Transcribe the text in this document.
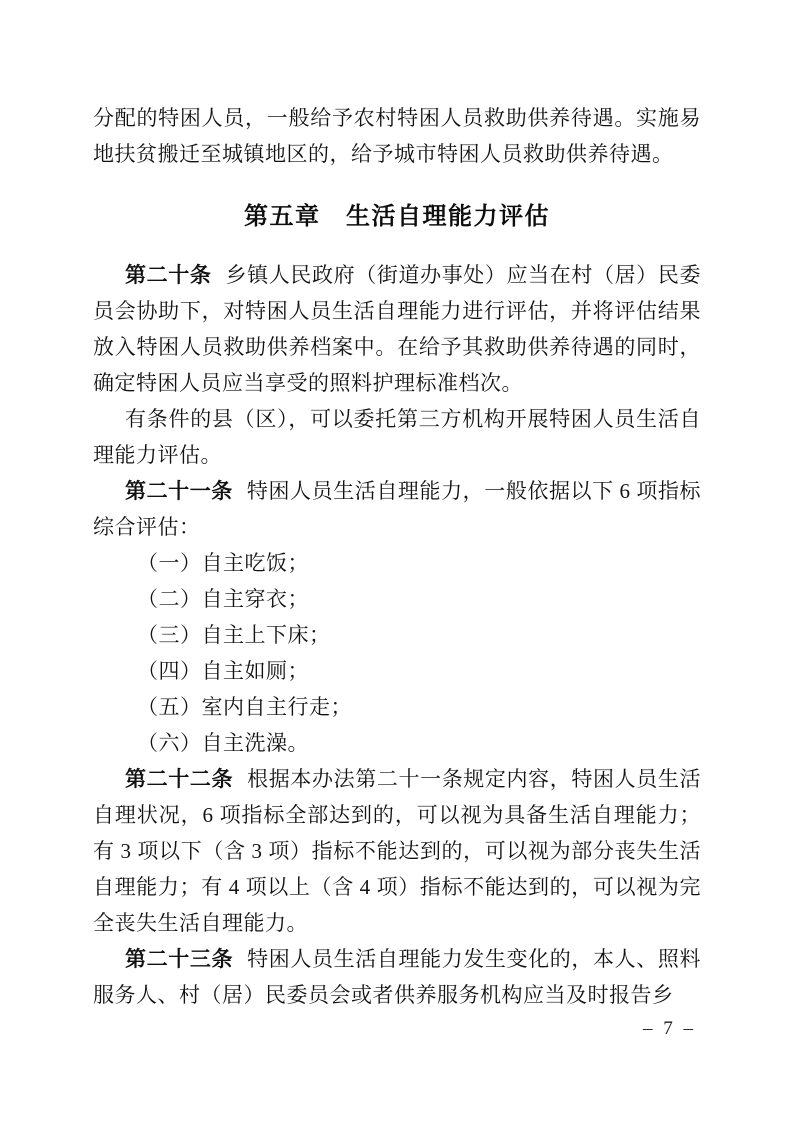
分配的特困人员，一般给予农村特困人员救助供养待遇。实施易地扶贫搬迁至城镇地区的，给予城市特困人员救助供养待遇。

第五章　生活自理能力评估

第二十条 乡镇人民政府（街道办事处）应当在村（居）民委员会协助下，对特困人员生活自理能力进行评估，并将评估结果放入特困人员救助供养档案中。在给予其救助供养待遇的同时，确定特困人员应当享受的照料护理标准档次。

有条件的县（区），可以委托第三方机构开展特困人员生活自理能力评估。

第二十一条 特困人员生活自理能力，一般依据以下 6 项指标综合评估：

（一）自主吃饭；

（二）自主穿衣；

（三）自主上下床；

（四）自主如厕；

（五）室内自主行走；

（六）自主洗澡。

第二十二条 根据本办法第二十一条规定内容，特困人员生活自理状况，6 项指标全部达到的，可以视为具备生活自理能力；有 3 项以下（含 3 项）指标不能达到的，可以视为部分丧失生活自理能力；有 4 项以上（含 4 项）指标不能达到的，可以视为完全丧失生活自理能力。

第二十三条 特困人员生活自理能力发生变化的，本人、照料服务人、村（居）民委员会或者供养服务机构应当及时报告乡

– 7 –
